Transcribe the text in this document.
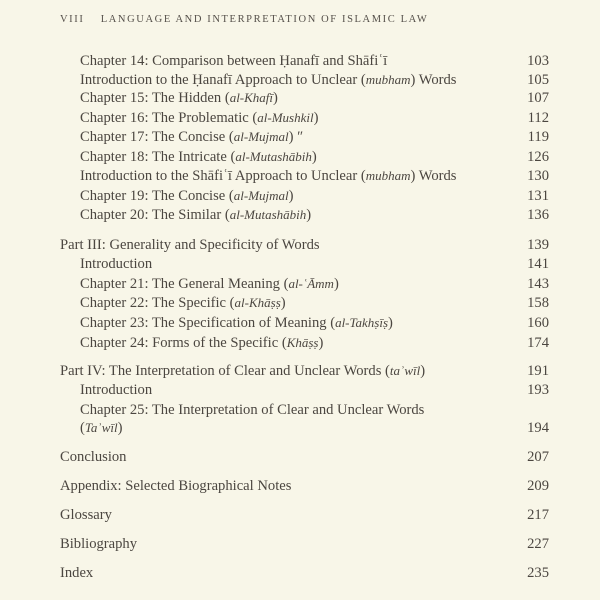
VIII LANGUAGE AND INTERPRETATION OF ISLAMIC LAW
Chapter 14: Comparison between Ḥanafī and Shāfiʿī	103
Introduction to the Ḥanafī Approach to Unclear (mubham) Words	105
Chapter 15: The Hidden (al-Khafī)	107
Chapter 16: The Problematic (al-Mushkil)	112
Chapter 17: The Concise (al-Mujmal) ʺ	119
Chapter 18: The Intricate (al-Mutashābih)	126
Introduction to the Shāfiʿī Approach to Unclear (mubham) Words	130
Chapter 19: The Concise (al-Mujmal)	131
Chapter 20: The Similar (al-Mutashābih)	136
Part III: Generality and Specificity of Words	139
Introduction	141
Chapter 21: The General Meaning (al-ʿĀmm)	143
Chapter 22: The Specific (al-Khāṣṣ)	158
Chapter 23: The Specification of Meaning (al-Takhṣīṣ)	160
Chapter 24: Forms of the Specific (Khāṣṣ)	174
Part IV: The Interpretation of Clear and Unclear Words (taʾwīl)	191
Introduction	193
Chapter 25: The Interpretation of Clear and Unclear Words
(Taʾwīl)	194
Conclusion	207
Appendix: Selected Biographical Notes	209
Glossary	217
Bibliography	227
Index	235
